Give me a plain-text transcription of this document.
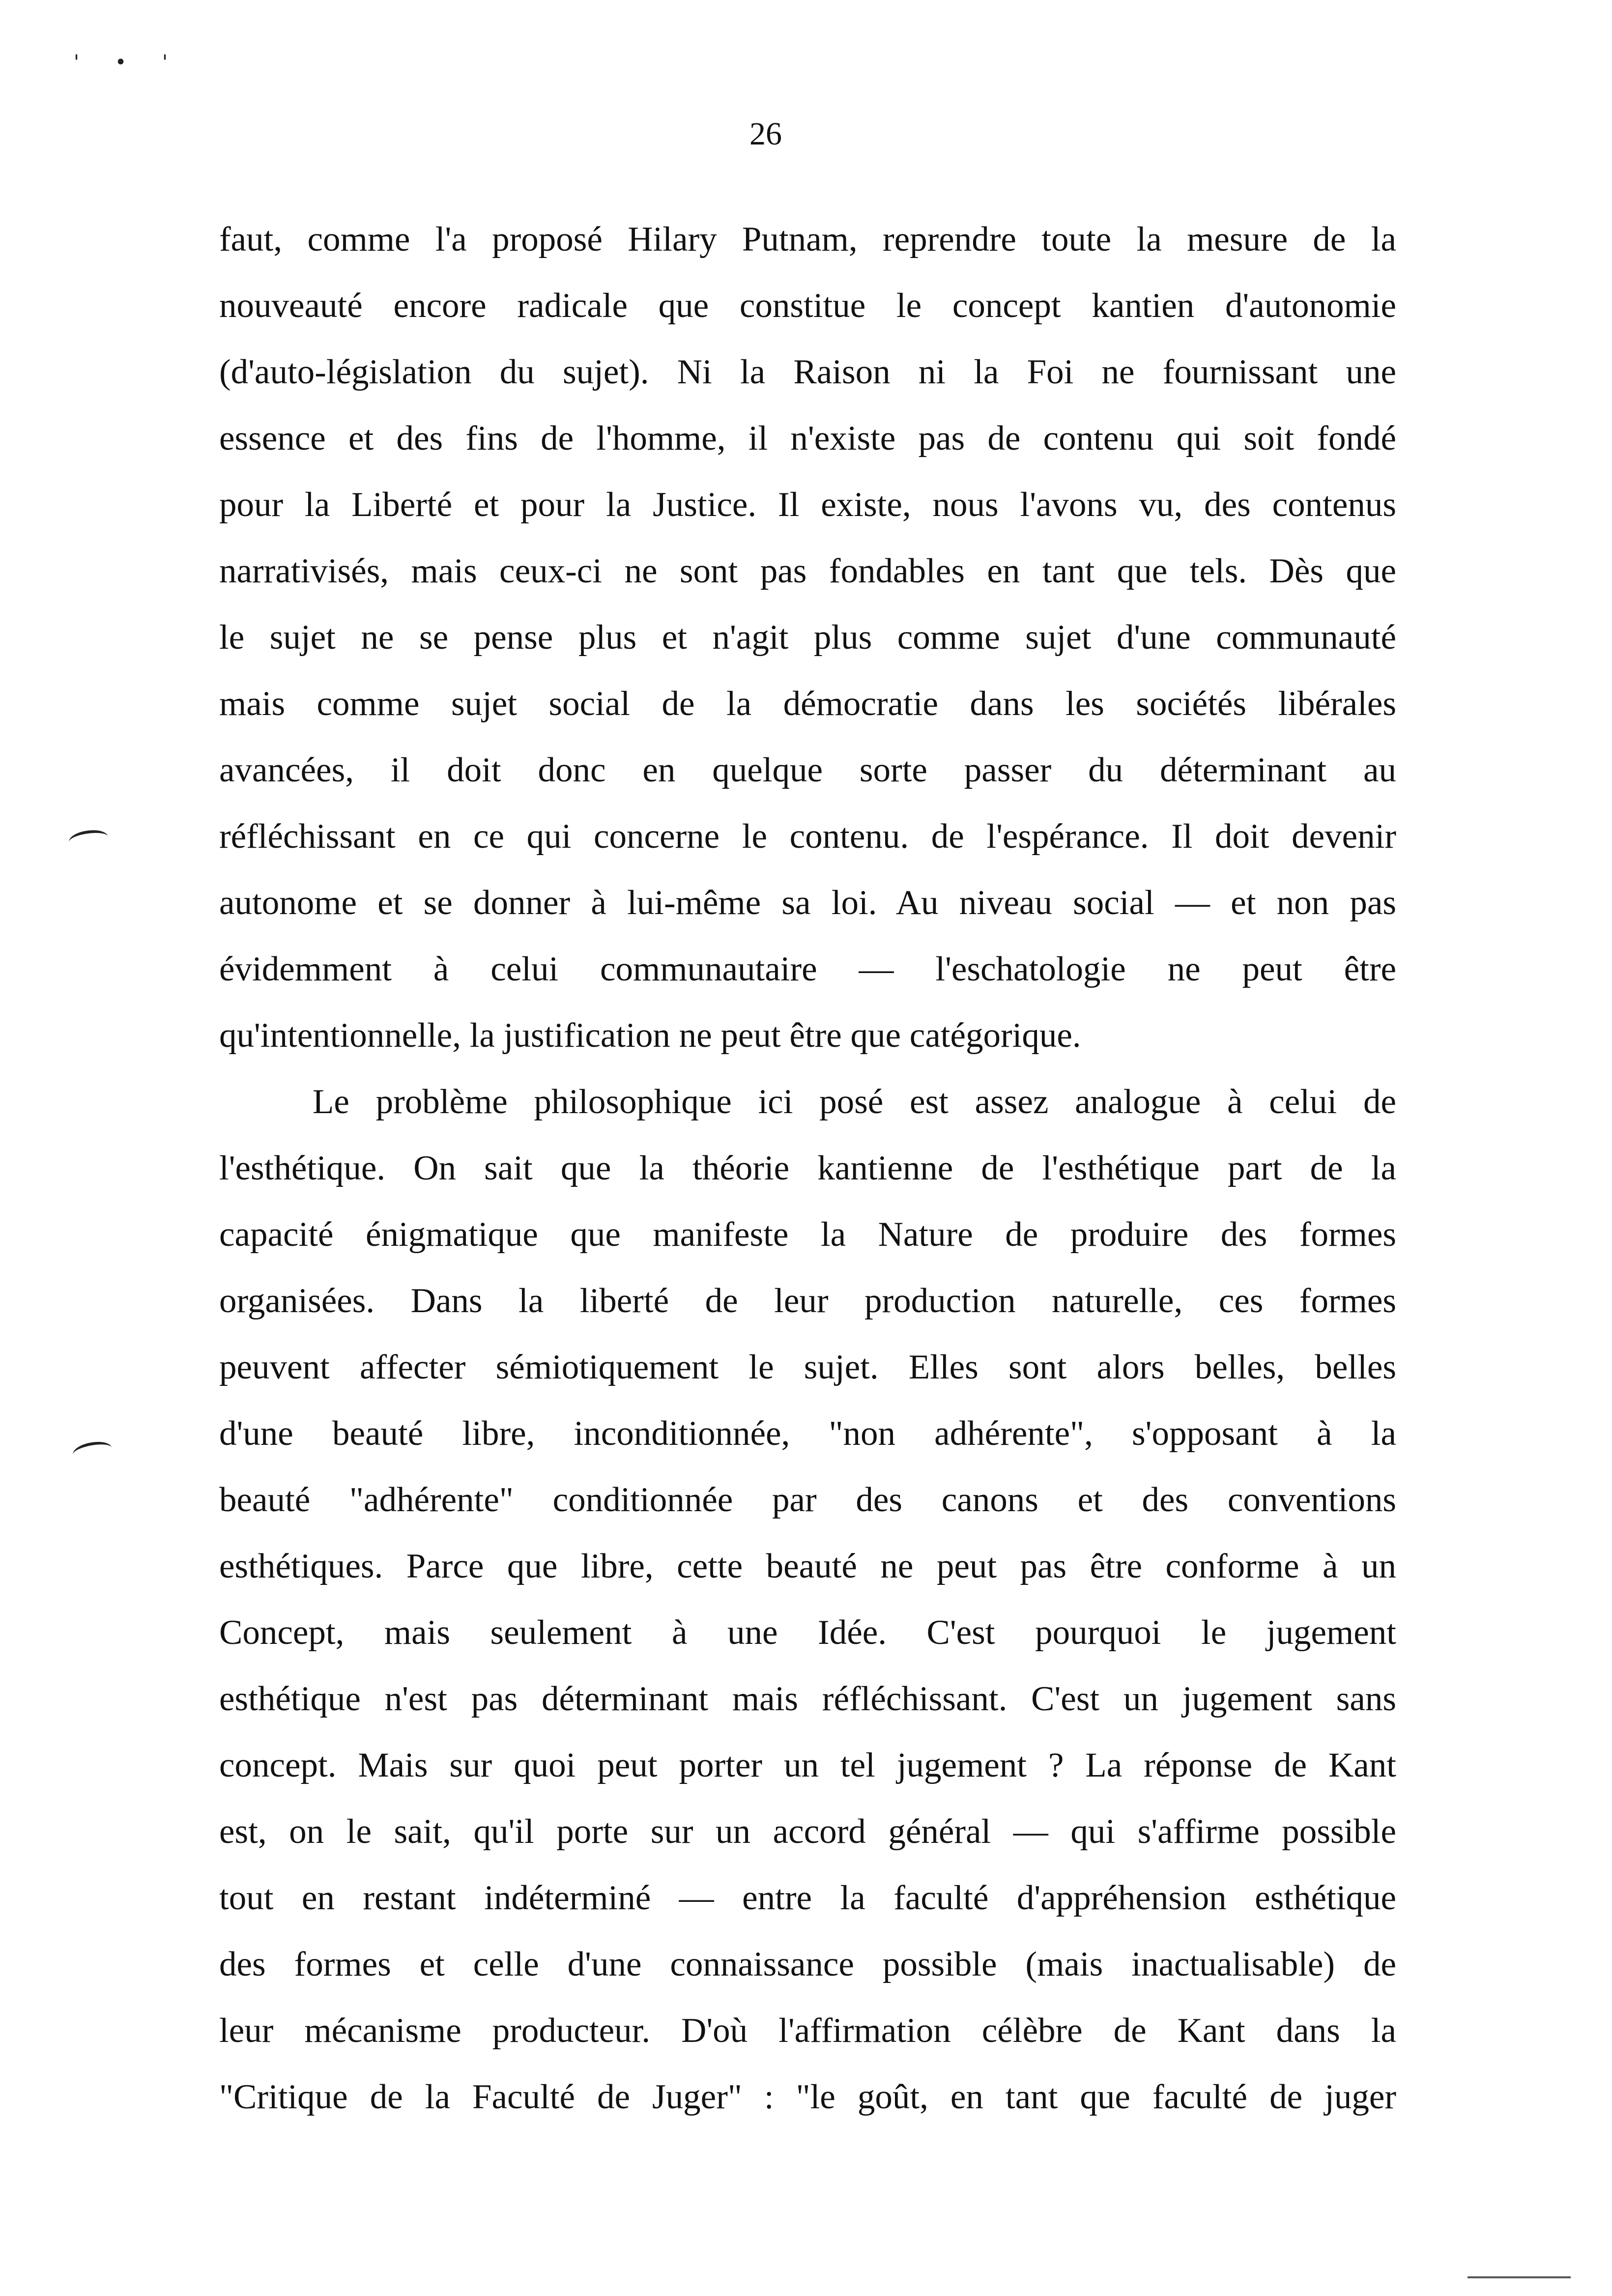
' • '
26
faut, comme l'a proposé Hilary Putnam, reprendre toute la mesure de la
nouveauté encore radicale que constitue le concept kantien d'autonomie
(d'auto-législation du sujet). Ni la Raison ni la Foi ne fournissant une
essence et des fins de l'homme, il n'existe pas de contenu qui soit fondé
pour la Liberté et pour la Justice. Il existe, nous l'avons vu, des contenus
narrativisés, mais ceux-ci ne sont pas fondables en tant que tels. Dès que
le sujet ne se pense plus et n'agit plus comme sujet d'une communauté
mais comme sujet social de la démocratie dans les sociétés libérales
avancées, il doit donc en quelque sorte passer du déterminant au
réfléchissant en ce qui concerne le contenu. de l'espérance. Il doit devenir
autonome et se donner à lui-même sa loi. Au niveau social — et non pas
évidemment à celui communautaire — l'eschatologie ne peut être
qu'intentionnelle, la justification ne peut être que catégorique.
Le problème philosophique ici posé est assez analogue à celui de
l'esthétique. On sait que la théorie kantienne de l'esthétique part de la
capacité énigmatique que manifeste la Nature de produire des formes
organisées. Dans la liberté de leur production naturelle, ces formes
peuvent affecter sémiotiquement le sujet. Elles sont alors belles, belles
d'une beauté libre, inconditionnée, "non adhérente", s'opposant à la
beauté "adhérente" conditionnée par des canons et des conventions
esthétiques. Parce que libre, cette beauté ne peut pas être conforme à un
Concept, mais seulement à une Idée. C'est pourquoi le jugement
esthétique n'est pas déterminant mais réfléchissant. C'est un jugement sans
concept. Mais sur quoi peut porter un tel jugement ? La réponse de Kant
est, on le sait, qu'il porte sur un accord général — qui s'affirme possible
tout en restant indéterminé — entre la faculté d'appréhension esthétique
des formes et celle d'une connaissance possible (mais inactualisable) de
leur mécanisme producteur. D'où l'affirmation célèbre de Kant dans la
"Critique de la Faculté de Juger" : "le goût, en tant que faculté de juger
